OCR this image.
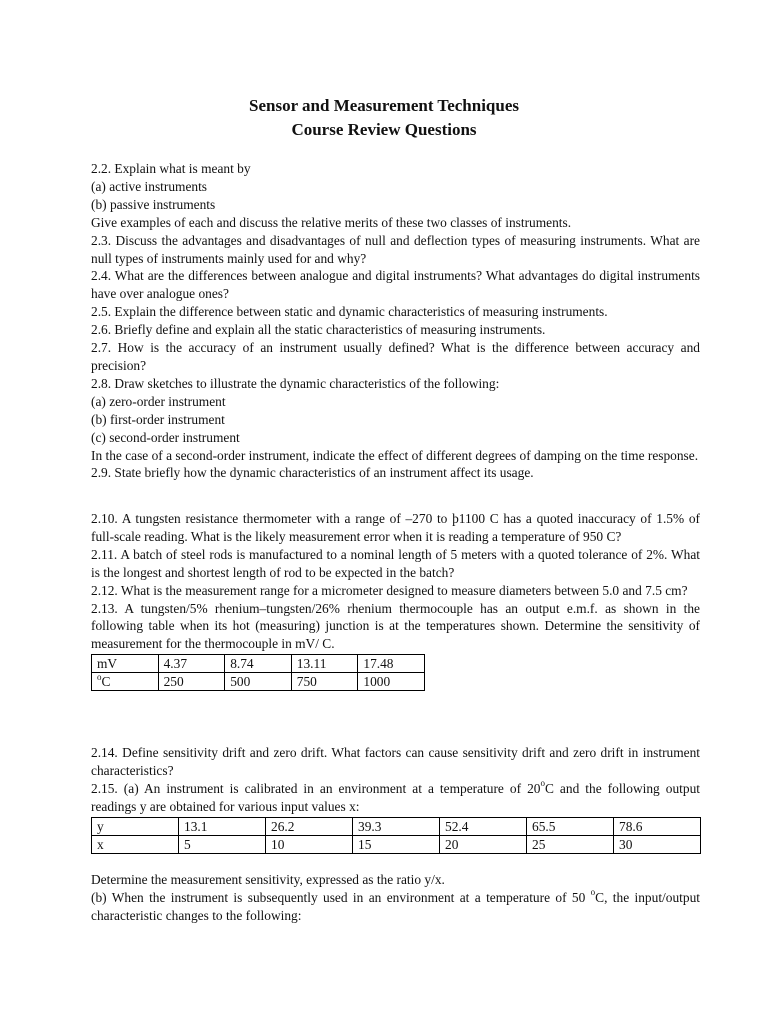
Sensor and Measurement Techniques
Course Review Questions

2.2. Explain what is meant by

(a) active instruments

(b) passive instruments

Give examples of each and discuss the relative merits of these two classes of instruments.

2.3. Discuss the advantages and disadvantages of null and deflection types of measuring instruments. What are null types of instruments mainly used for and why?

2.4. What are the differences between analogue and digital instruments? What advantages do digital instruments have over analogue ones?

2.5. Explain the difference between static and dynamic characteristics of measuring instruments.

2.6. Briefly define and explain all the static characteristics of measuring instruments.

2.7. How is the accuracy of an instrument usually defined? What is the difference between accuracy and precision?

2.8. Draw sketches to illustrate the dynamic characteristics of the following:

(a) zero-order instrument

(b) first-order instrument

(c) second-order instrument

In the case of a second-order instrument, indicate the effect of different degrees of damping on the time response.

2.9. State briefly how the dynamic characteristics of an instrument affect its usage.

2.10. A tungsten resistance thermometer with a range of –270 to þ1100 C has a quoted inaccuracy of 1.5% of full-scale reading. What is the likely measurement error when it is reading a temperature of 950 C?

2.11. A batch of steel rods is manufactured to a nominal length of 5 meters with a quoted tolerance of 2%. What is the longest and shortest length of rod to be expected in the batch?

2.12. What is the measurement range for a micrometer designed to measure diameters between 5.0 and 7.5 cm?

2.13. A tungsten/5% rhenium–tungsten/26% rhenium thermocouple has an output e.m.f. as shown in the following table when its hot (measuring) junction is at the temperatures shown. Determine the sensitivity of measurement for the thermocouple in mV/ C.

mV	4.37	8.74	13.11	17.48
$^o$C	250	500	750	1000

2.14. Define sensitivity drift and zero drift. What factors can cause sensitivity drift and zero drift in instrument characteristics?

2.15. (a) An instrument is calibrated in an environment at a temperature of 20$^o$C and the following output readings y are obtained for various input values x:

y	13.1	26.2	39.3	52.4	65.5	78.6
x	5	10	15	20	25	30

Determine the measurement sensitivity, expressed as the ratio y/x.

(b) When the instrument is subsequently used in an environment at a temperature of 50 $^o$C, the input/output characteristic changes to the following:
